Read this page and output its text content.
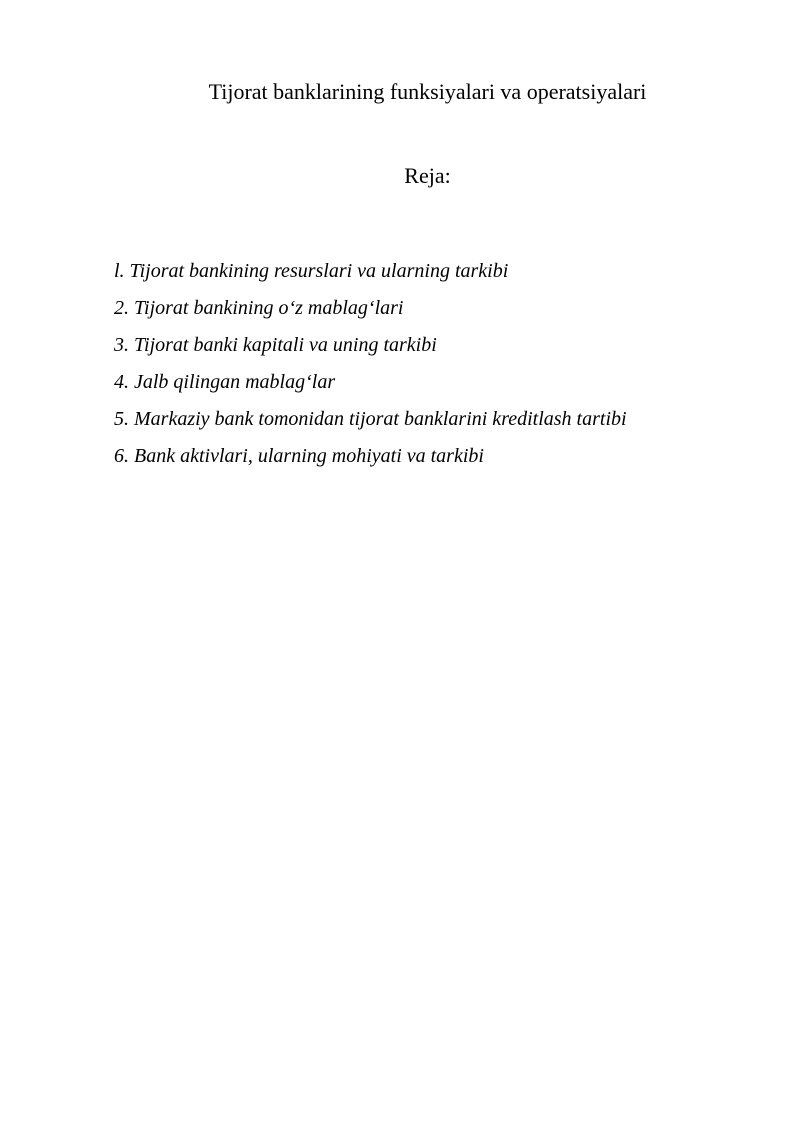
Tijorat banklarining funksiyalari va operatsiyalari
Reja:
l. Tijorat bankining resurslari va ularning tarkibi
2. Tijorat bankining o‘z mablag‘lari
3. Tijorat banki kapitali va uning tarkibi
4. Jalb qilingan mablag‘lar
5. Markaziy bank tomonidan tijorat banklarini kreditlash tartibi
6. Bank aktivlari, ularning mohiyati va tarkibi
